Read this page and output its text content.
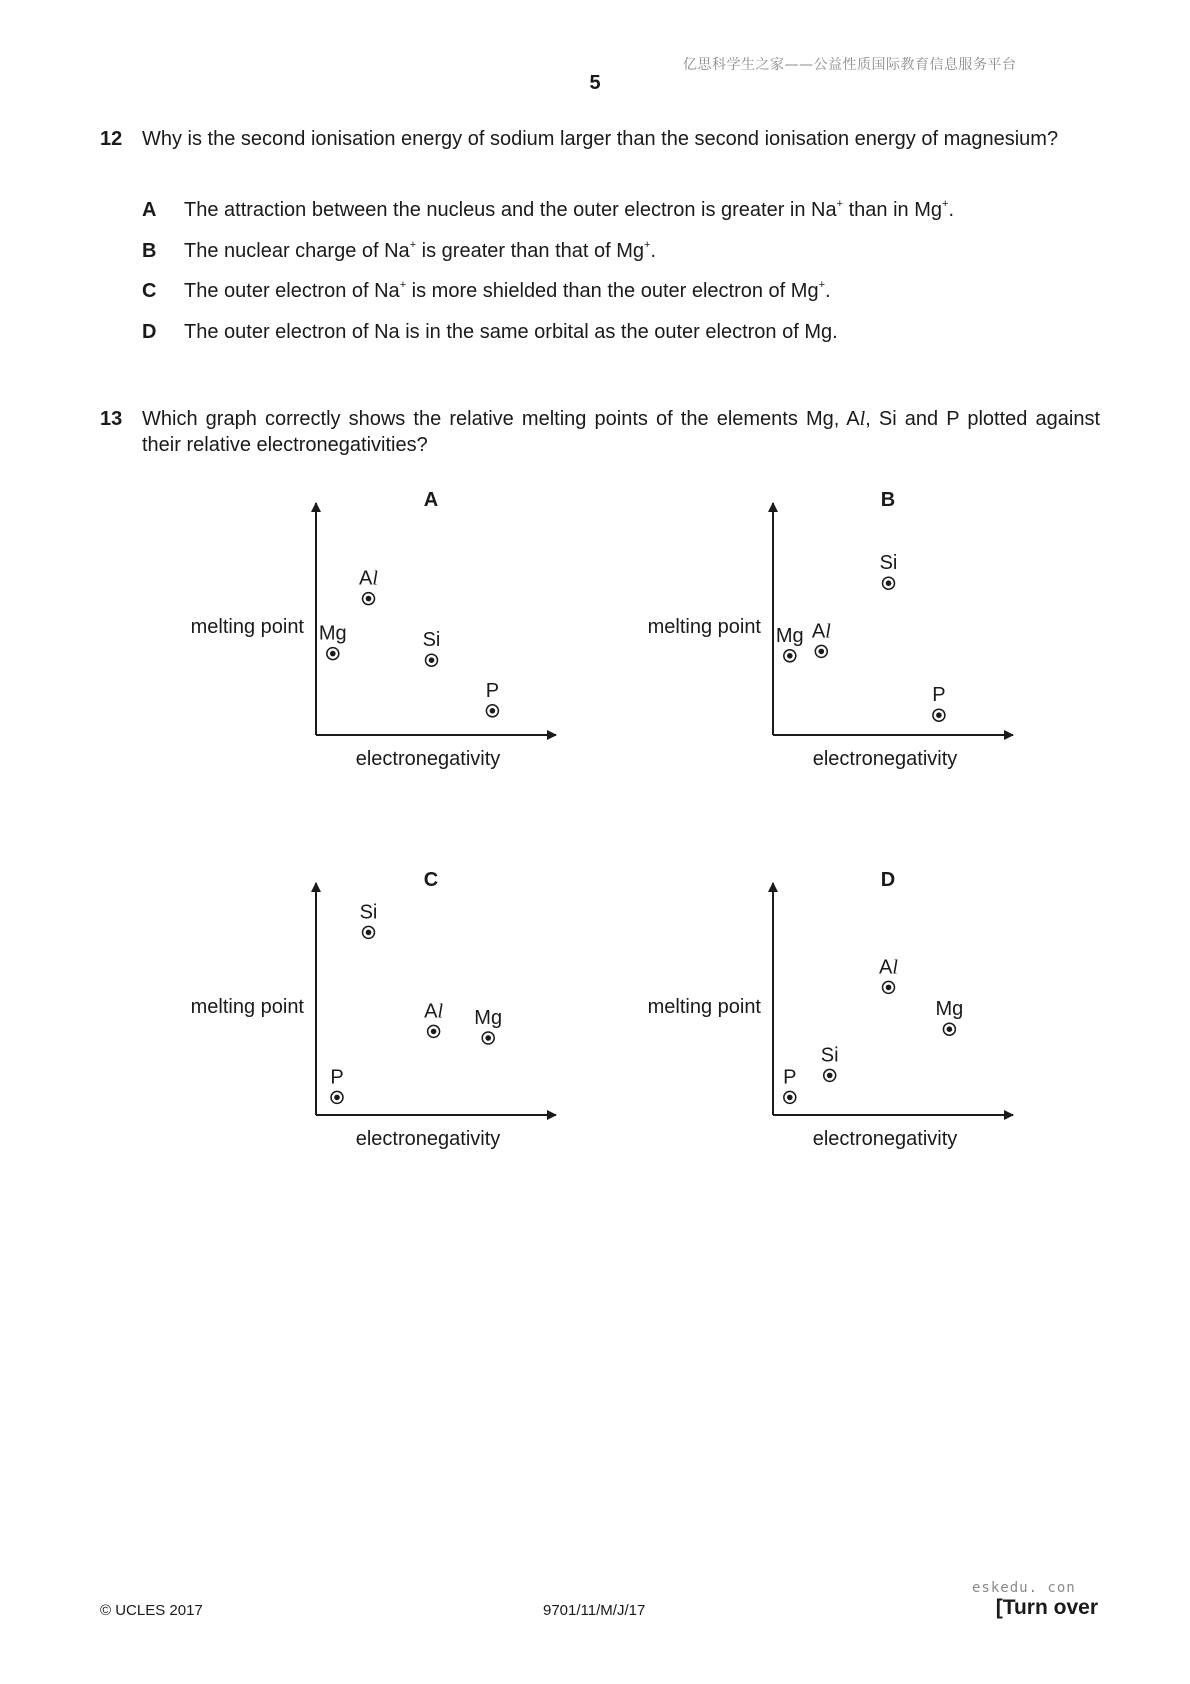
亿思科学生之家——公益性质国际教育信息服务平台
5
12 Why is the second ionisation energy of sodium larger than the second ionisation energy of magnesium?
A The attraction between the nucleus and the outer electron is greater in Na+ than in Mg+.
B The nuclear charge of Na+ is greater than that of Mg+.
C The outer electron of Na+ is more shielded than the outer electron of Mg+.
D The outer electron of Na is in the same orbital as the outer electron of Mg.
13 Which graph correctly shows the relative melting points of the elements Mg, Al, Si and P plotted against their relative electronegativities?
A
melting point
electronegativity
Mg
Al
Si
P
B
melting point
electronegativity
Mg Al
Si
P
C
melting point
electronegativity
P
Si
Al Mg
D
melting point
electronegativity
P
Si
Al
Mg
© UCLES 2017	9701/11/M/J/17
eskedu. con
[Turn over
